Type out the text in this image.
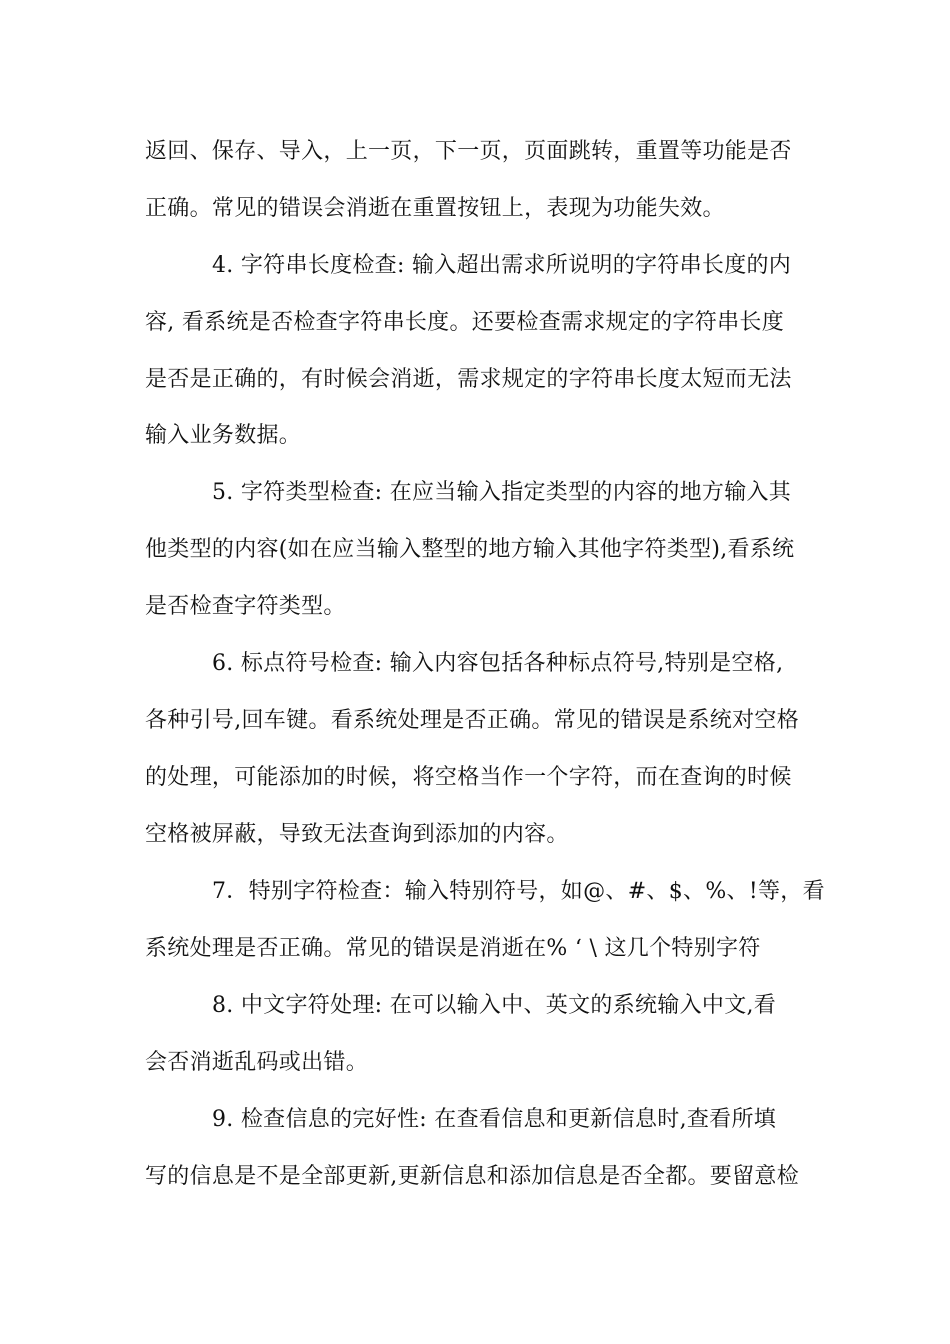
返回、保存、导入，上一页，下一页，页面跳转，重置等功能是否
正确。常见的错误会消逝在重置按钮上，表现为功能失效。
4. 字符串长度检查: 输入超出需求所说明的字符串长度的内
容, 看系统是否检查字符串长度。还要检查需求规定的字符串长度
是否是正确的，有时候会消逝，需求规定的字符串长度太短而无法
输入业务数据。
5. 字符类型检查: 在应当输入指定类型的内容的地方输入其
他类型的内容(如在应当输入整型的地方输入其他字符类型),看系统
是否检查字符类型。
6. 标点符号检查: 输入内容包括各种标点符号,特别是空格,
各种引号,回车键。看系统处理是否正确。常见的错误是系统对空格
的处理，可能添加的时候，将空格当作一个字符，而在查询的时候
空格被屏蔽，导致无法查询到添加的内容。
7．特别字符检查：输入特别符号，如@、#、$、%、!等，看
系统处理是否正确。常见的错误是消逝在% ‘ \ 这几个特别字符
8. 中文字符处理: 在可以输入中、英文的系统输入中文,看
会否消逝乱码或出错。
9. 检查信息的完好性: 在查看信息和更新信息时,查看所填
写的信息是不是全部更新,更新信息和添加信息是否全都。要留意检
